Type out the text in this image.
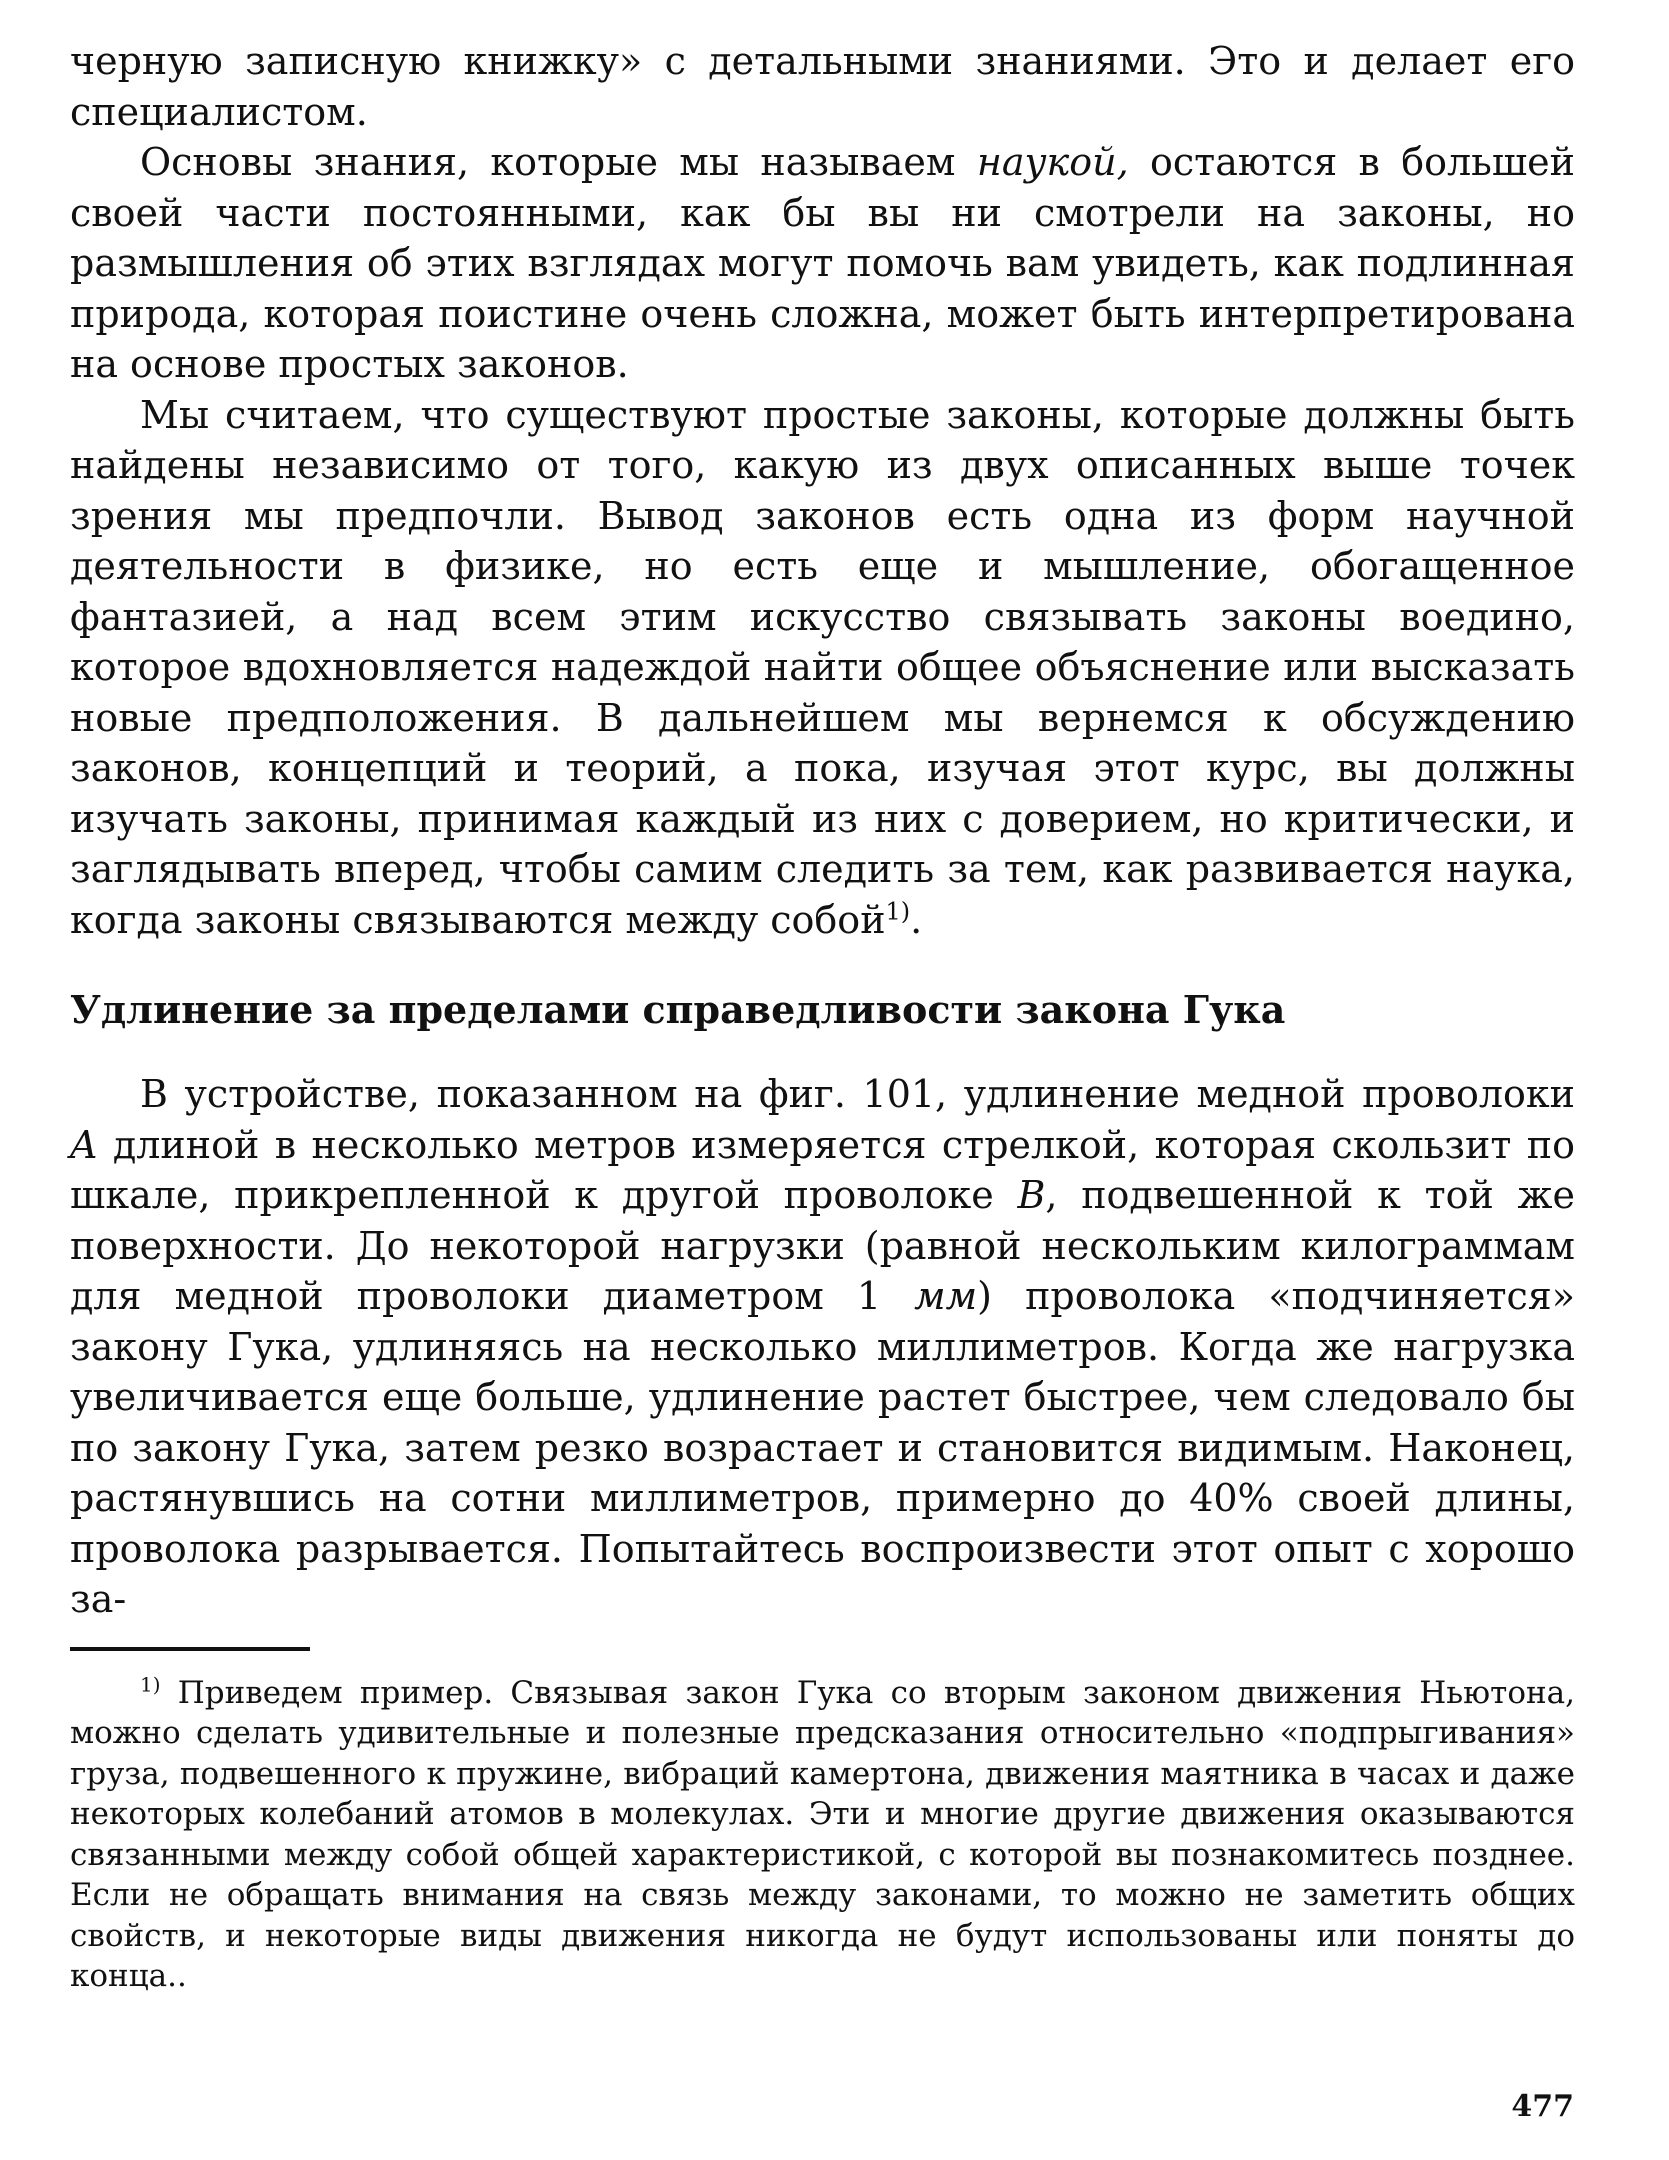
черную записную книжку» с детальными знаниями. Это и делает его специалистом.

Основы знания, которые мы называем наукой, остаются в большей своей части постоянными, как бы вы ни смотрели на законы, но размышления об этих взглядах могут помочь вам увидеть, как подлинная природа, которая поистине очень сложна, может быть интерпретирована на основе простых законов.

Мы считаем, что существуют простые законы, которые должны быть найдены независимо от того, какую из двух описанных выше точек зрения мы предпочли. Вывод законов есть одна из форм научной деятельности в физике, но есть еще и мышление, обогащенное фантазией, а над всем этим искусство связывать законы воедино, которое вдохновляется надеждой найти общее объяснение или высказать новые предположения. В дальнейшем мы вернемся к обсуждению законов, концепций и теорий, а пока, изучая этот курс, вы должны изучать законы, принимая каждый из них с доверием, но критически, и заглядывать вперед, чтобы самим следить за тем, как развивается наука, когда законы связываются между собой$^{1)}$.

Удлинение за пределами справедливости закона Гука

В устройстве, показанном на фиг. 101, удлинение медной проволоки A длиной в несколько метров измеряется стрелкой, которая скользит по шкале, прикрепленной к другой проволоке B, подвешенной к той же поверхности. До некоторой нагрузки (равной нескольким килограммам для медной проволоки диаметром 1 мм) проволока «подчиняется» закону Гука, удлиняясь на несколько миллиметров. Когда же нагрузка увеличивается еще больше, удлинение растет быстрее, чем следовало бы по закону Гука, затем резко возрастает и становится видимым. Наконец, растянувшись на сотни миллиметров, примерно до 40% своей длины, проволока разрывается. Попытайтесь воспроизвести этот опыт с хорошо за-

$^{1)}$ Приведем пример. Связывая закон Гука со вторым законом движения Ньютона, можно сделать удивительные и полезные предсказания относительно «подпрыгивания» груза, подвешенного к пружине, вибраций камертона, движения маятника в часах и даже некоторых колебаний атомов в молекулах. Эти и многие другие движения оказываются связанными между собой общей характеристикой, с которой вы познакомитесь позднее. Если не обращать внимания на связь между законами, то можно не заметить общих свойств, и некоторые виды движения никогда не будут использованы или поняты до конца..

477
